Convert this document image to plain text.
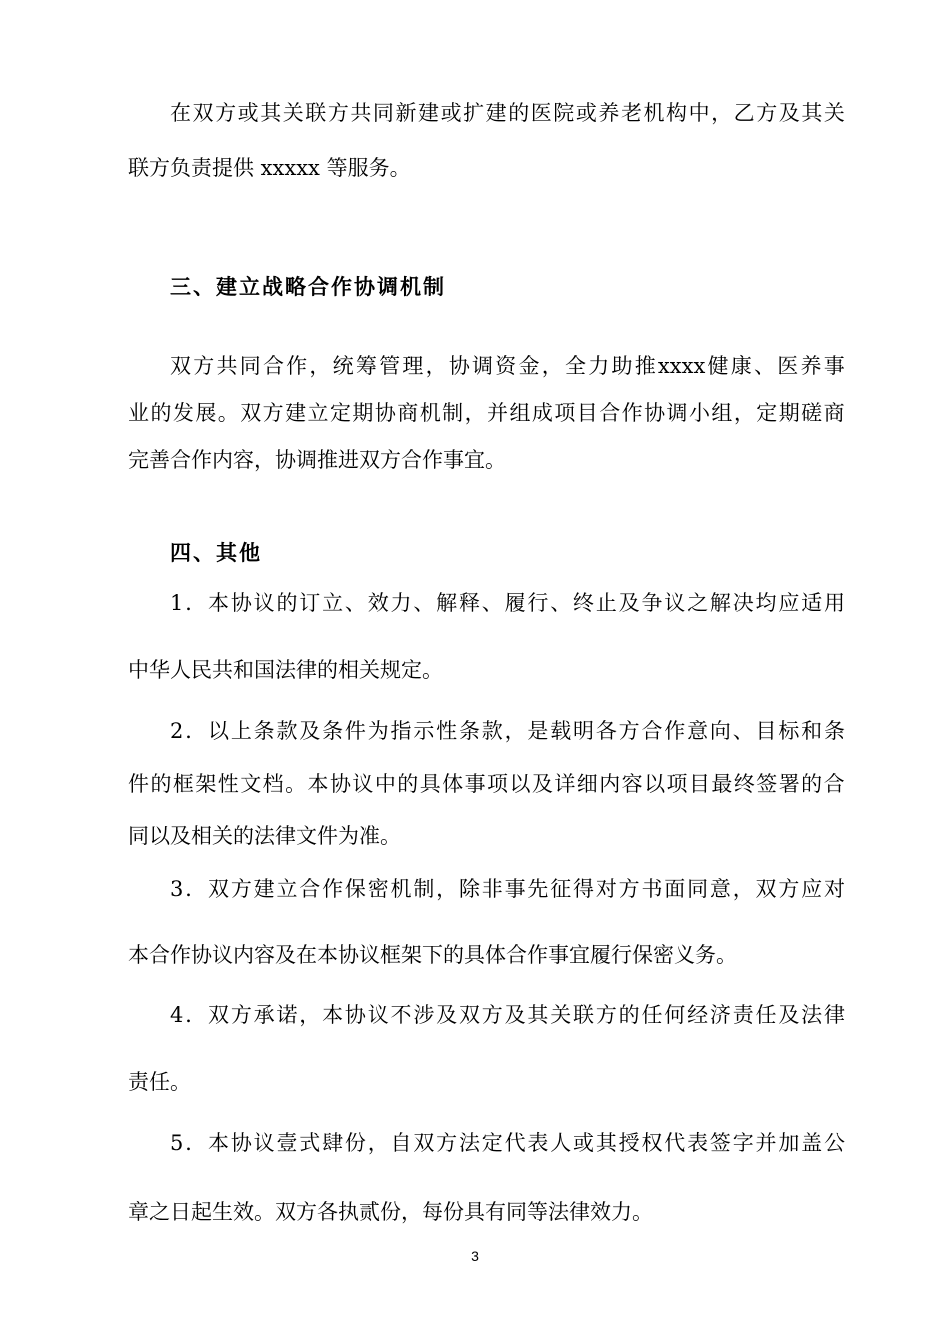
在 双 方 或 其 关 联 方 共 同 新 建 或 扩 建 的 医 院 或 养 老 机 构 中 ， 乙 方 及 其 关
联方负责提供 xxxxx 等服务。
三、建立战略合作协调机制
双 方 共 同 合 作 ， 统 筹 管 理 ， 协 调 资 金 ， 全 力 助 推 xxxx 健 康 、 医 养 事
业 的 发 展 。 双 方 建 立 定 期 协 商 机 制 ， 并 组 成 项 目 合 作 协 调 小 组 ， 定 期 磋 商
完善合作内容，协调推进双方合作事宜。
四、其他
1 ． 本 协 议 的 订 立 、 效 力 、 解 释 、 履 行 、 终 止 及 争 议 之 解 决 均 应 适 用
中华人民共和国法律的相关规定。
2 ． 以 上 条 款 及 条 件 为 指 示 性 条 款 ， 是 载 明 各 方 合 作 意 向 、 目 标 和 条
件 的 框 架 性 文 档 。 本 协 议 中 的 具 体 事 项 以 及 详 细 内 容 以 项 目 最 终 签 署 的 合
同以及相关的法律文件为准。
3 ． 双 方 建 立 合 作 保 密 机 制 ， 除 非 事 先 征 得 对 方 书 面 同 意 ， 双 方 应 对
本合作协议内容及在本协议框架下的具体合作事宜履行保密义务。
4 ． 双 方 承 诺 ， 本 协 议 不 涉 及 双 方 及 其 关 联 方 的 任 何 经 济 责 任 及 法 律
责任。
5 ． 本 协 议 壹 式 肆 份 ， 自 双 方 法 定 代 表 人 或 其 授 权 代 表 签 字 并 加 盖 公
章之日起生效。双方各执贰份，每份具有同等法律效力。
3
